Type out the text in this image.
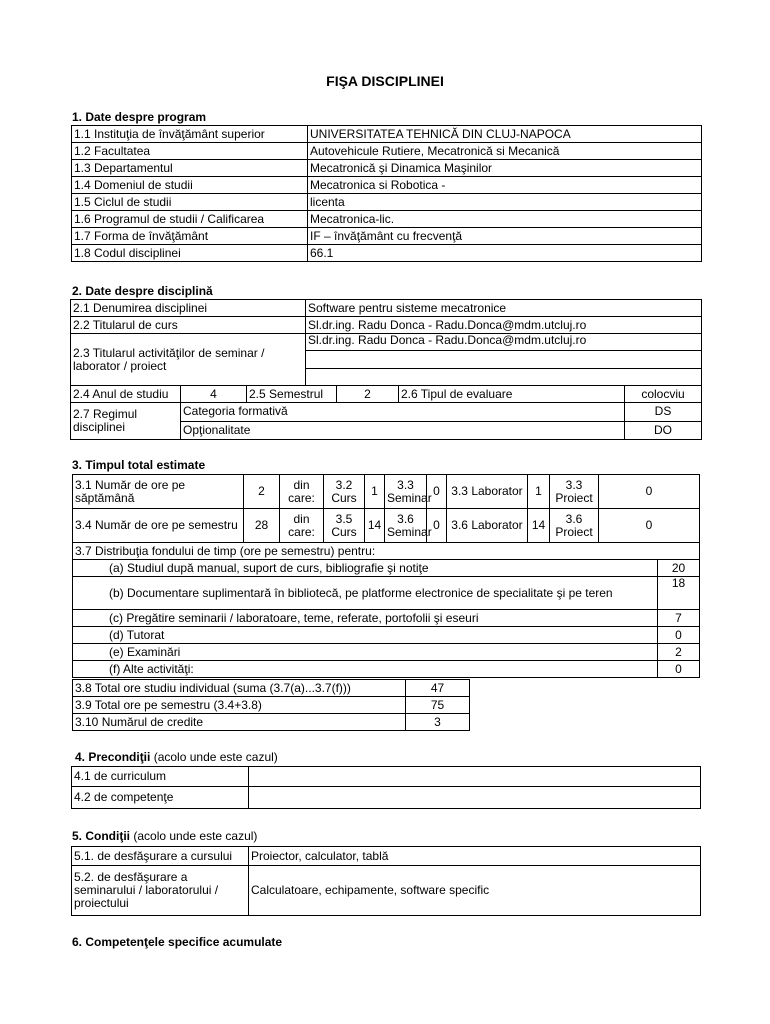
FIŞA DISCIPLINEI
1. Date despre program
1.1 Instituţia de învăţământ superior	UNIVERSITATEA TEHNICĂ DIN CLUJ-NAPOCA
1.2 Facultatea	Autovehicule Rutiere, Mecatronică si Mecanică
1.3 Departamentul	Mecatronică şi Dinamica Maşinilor
1.4 Domeniul de studii	Mecatronica si Robotica -
1.5 Ciclul de studii	licenta
1.6 Programul de studii / Calificarea	Mecatronica-lic.
1.7 Forma de învăţământ	IF – învăţământ cu frecvenţă
1.8 Codul disciplinei	66.1
2. Date despre disciplină
2.1 Denumirea disciplinei	Software pentru sisteme mecatronice
2.2 Titularul de curs	Sl.dr.ing. Radu Donca - Radu.Donca@mdm.utcluj.ro
2.3 Titularul activităţilor de seminar / laborator / proiect	Sl.dr.ing. Radu Donca - Radu.Donca@mdm.utcluj.ro

2.4 Anul de studiu	4	2.5 Semestrul	2	2.6 Tipul de evaluare	colocviu
2.7 Regimul disciplinei	Categoria formativă				DS
	Opţionalitate				DO
3. Timpul total estimate
3.1 Număr de ore pe săptămână	2	din care:	3.2 Curs	1	3.3 Seminar	0	3.3 Laborator	1	3.3 Proiect	0
3.4 Număr de ore pe semestru	28	din care:	3.5 Curs	14	3.6 Seminar	0	3.6 Laborator	14	3.6 Proiect	0
3.7 Distribuţia fondului de timp (ore pe semestru) pentru:	
(a) Studiul după manual, suport de curs, bibliografie şi notiţe	20
(b) Documentare suplimentară în bibliotecă, pe platforme electronice de specialitate şi pe teren	18
(c) Pregătire seminarii / laboratoare, teme, referate, portofolii şi eseuri	7
(d) Tutorat	0
(e) Examinări	2
(f) Alte activităţi:	0
3.8 Total ore studiu individual (suma (3.7(a)...3.7(f)))	47
3.9 Total ore pe semestru (3.4+3.8)	75
3.10 Numărul de credite	3
4. Precondiţii (acolo unde este cazul)
4.1 de curriculum	
4.2 de competenţe	
5. Condiţii (acolo unde este cazul)
5.1. de desfăşurare a cursului	Proiector, calculator, tablă
5.2. de desfăşurare a seminarului / laboratorului / proiectului	Calculatoare, echipamente, software specific
6. Competenţele specifice acumulate
